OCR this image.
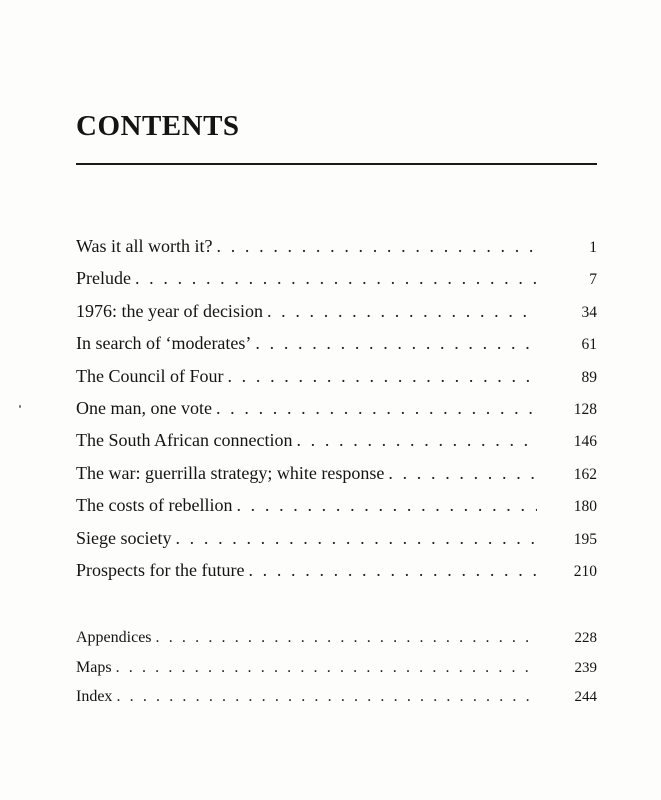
CONTENTS
Was it all worth it? . . .	1
Prelude . . .	7
1976: the year of decision . . .	34
In search of ‘moderates’ . . .	61
The Council of Four . . .	89
One man, one vote . . .	128
The South African connection . . .	146
The war: guerrilla strategy; white response . . .	162
The costs of rebellion . . .	180
Siege society . . .	195
Prospects for the future . . .	210
Appendices . . .	228
Maps . . .	239
Index . . .	244
